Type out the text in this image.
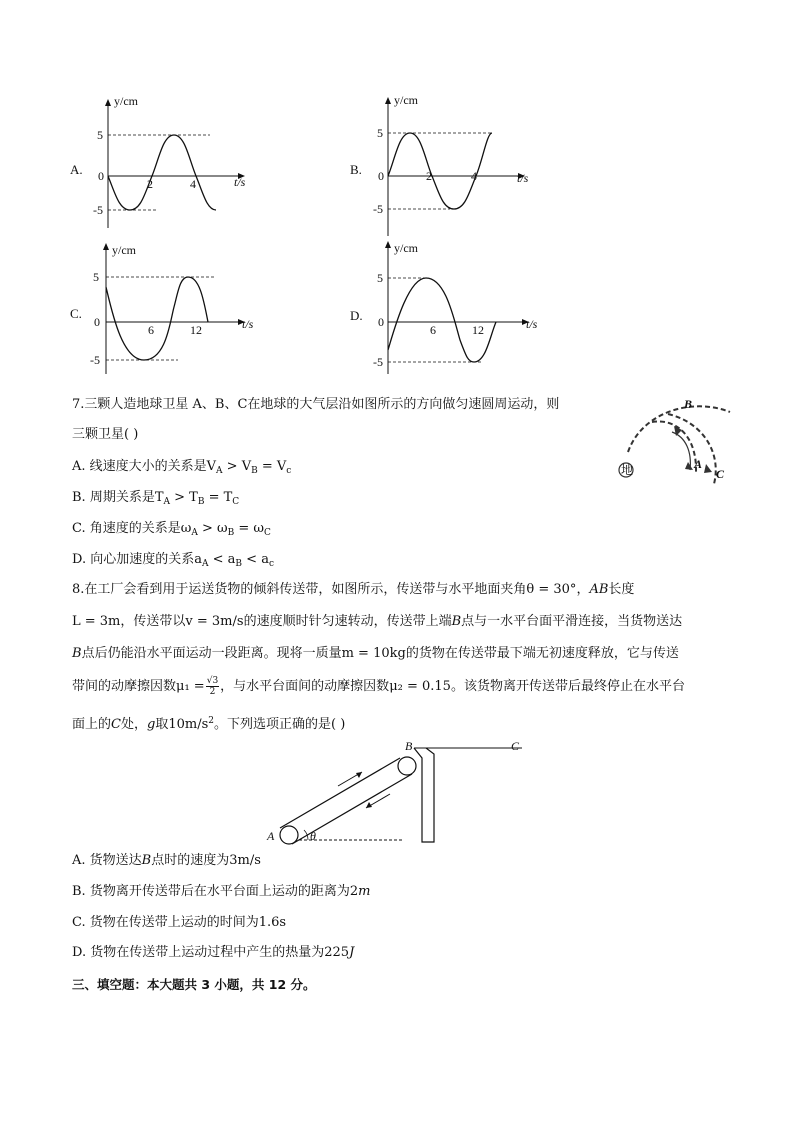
A.
y/cm
t/s
5
0
-5
2	4
B.
y/cm
t/s
5
0
-5
2	4
C.
y/cm
t/s
5
0
-5
6	12
D.
y/cm
t/s
5
0
-5
6	12
7.三颗人造地球卫星 A、B、C在地球的大气层沿如图所示的方向做匀速圆周运动，则
三颗卫星( )
A. 线速度大小的关系是$V_A > V_B = V_c$
B. 周期关系是$T_A > T_B = T_C$
C. 角速度的关系是$\omega_A > \omega_B = \omega_C$
D. 向心加速度的关系$a_A < a_B < a_c$
地
B
A
C
8.在工厂会看到用于运送货物的倾斜传送带，如图所示，传送带与水平地面夹角θ = 30°，AB长度
L = 3m，传送带以v = 3m/s的速度顺时针匀速转动，传送带上端B点与一水平台面平滑连接，当货物送达
B点后仍能沿水平面运动一段距离。现将一质量m = 10kg的货物在传送带最下端无初速度释放，它与传送
带间的动摩擦因数$\mu_1 = \frac{√3}{2}$ ，与水平台面间的动摩擦因数μ₂ = 0.15。该货物离开传送带后最终停止在水平台
面上的C处，g取$10m/s^2$。下列选项正确的是( )
θ
A
B	C
A. 货物送达B点时的速度为3m/s
B. 货物离开传送带后在水平台面上运动的距离为2m
C. 货物在传送带上运动的时间为1.6s
D. 货物在传送带上运动过程中产生的热量为225J
三、填空题：本大题共 3 小题，共 12 分。
